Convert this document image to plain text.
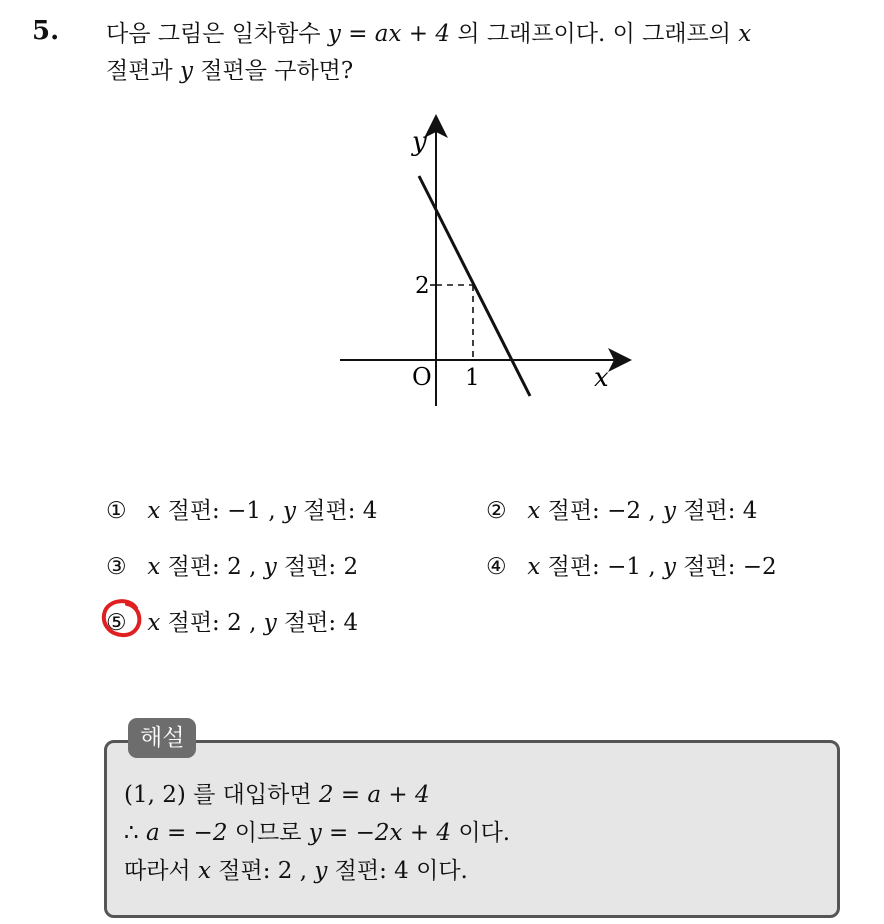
5. 다음 그림은 일차함수 y = ax + 4 의 그래프이다. 이 그래프의 x
절편과 y 절편을 구하면?
y
x
O 1
2
① x 절편: −1 , y 절편: 4	② x 절편: −2 , y 절편: 4
③ x 절편: 2 , y 절편: 2	④ x 절편: −1 , y 절편: −2
⑤ x 절편: 2 , y 절편: 4
해설
(1, 2) 를 대입하면 2 = a + 4
∴ a = −2 이므로 y = −2x + 4 이다.
따라서 x 절편: 2 , y 절편: 4 이다.
